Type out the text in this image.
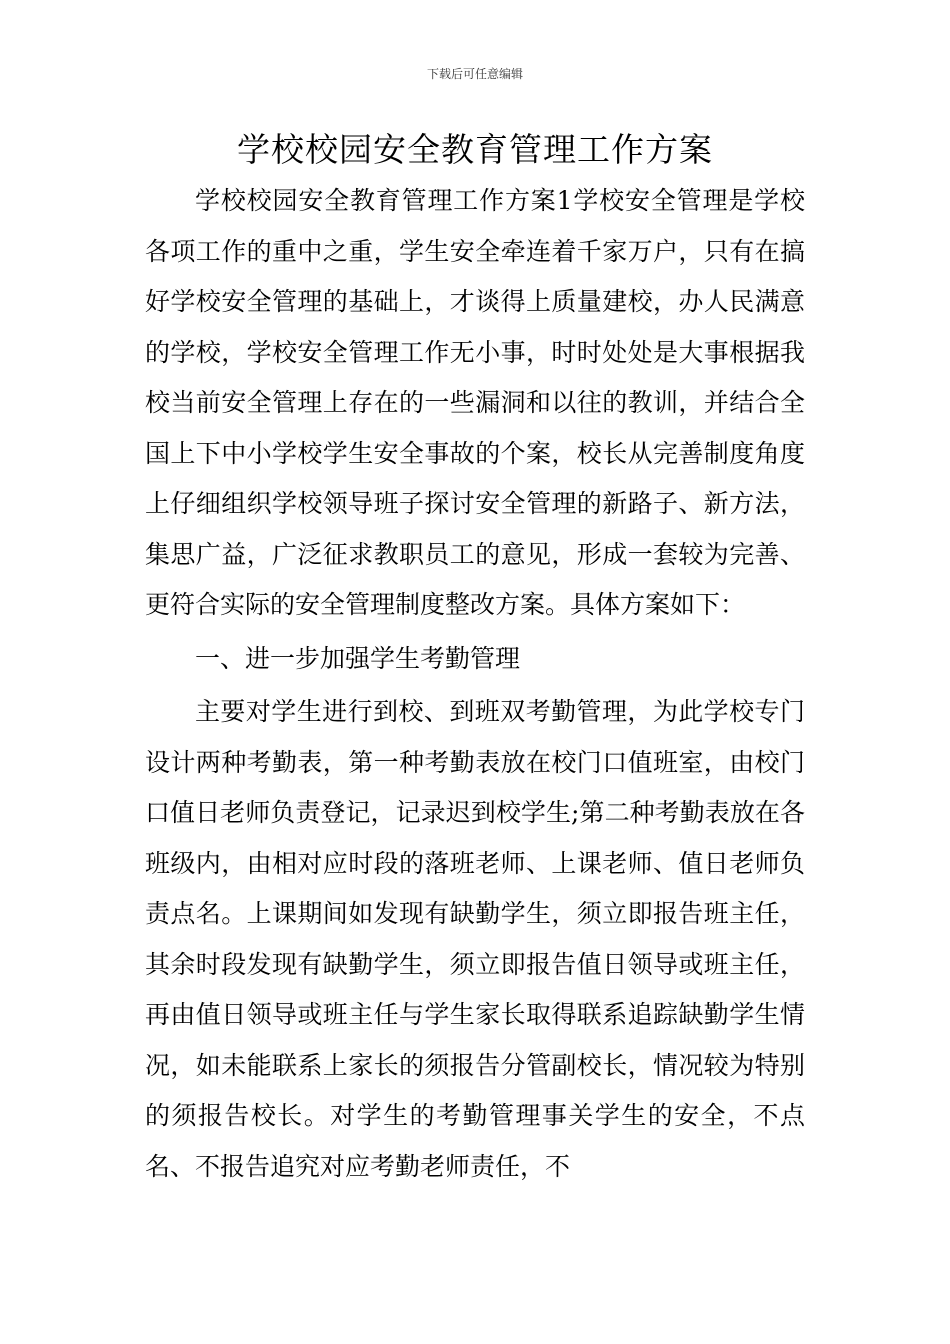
下载后可任意编辑
学校校园安全教育管理工作方案

学校校园安全教育管理工作方案1学校安全管理是学校各项工作的重中之重，学生安全牵连着千家万户，只有在搞好学校安全管理的基础上，才谈得上质量建校，办人民满意的学校，学校安全管理工作无小事，时时处处是大事根据我校当前安全管理上存在的一些漏洞和以往的教训，并结合全国上下中小学校学生安全事故的个案，校长从完善制度角度上仔细组织学校领导班子探讨安全管理的新路子、新方法，集思广益，广泛征求教职员工的意见，形成一套较为完善、更符合实际的安全管理制度整改方案。具体方案如下：

一、进一步加强学生考勤管理

主要对学生进行到校、到班双考勤管理，为此学校专门设计两种考勤表，第一种考勤表放在校门口值班室，由校门口值日老师负责登记，记录迟到校学生;第二种考勤表放在各班级内，由相对应时段的落班老师、上课老师、值日老师负责点名。上课期间如发现有缺勤学生，须立即报告班主任，其余时段发现有缺勤学生，须立即报告值日领导或班主任，再由值日领导或班主任与学生家长取得联系追踪缺勤学生情况，如未能联系上家长的须报告分管副校长，情况较为特别的须报告校长。对学生的考勤管理事关学生的安全，不点名、不报告追究对应考勤老师责任，不
